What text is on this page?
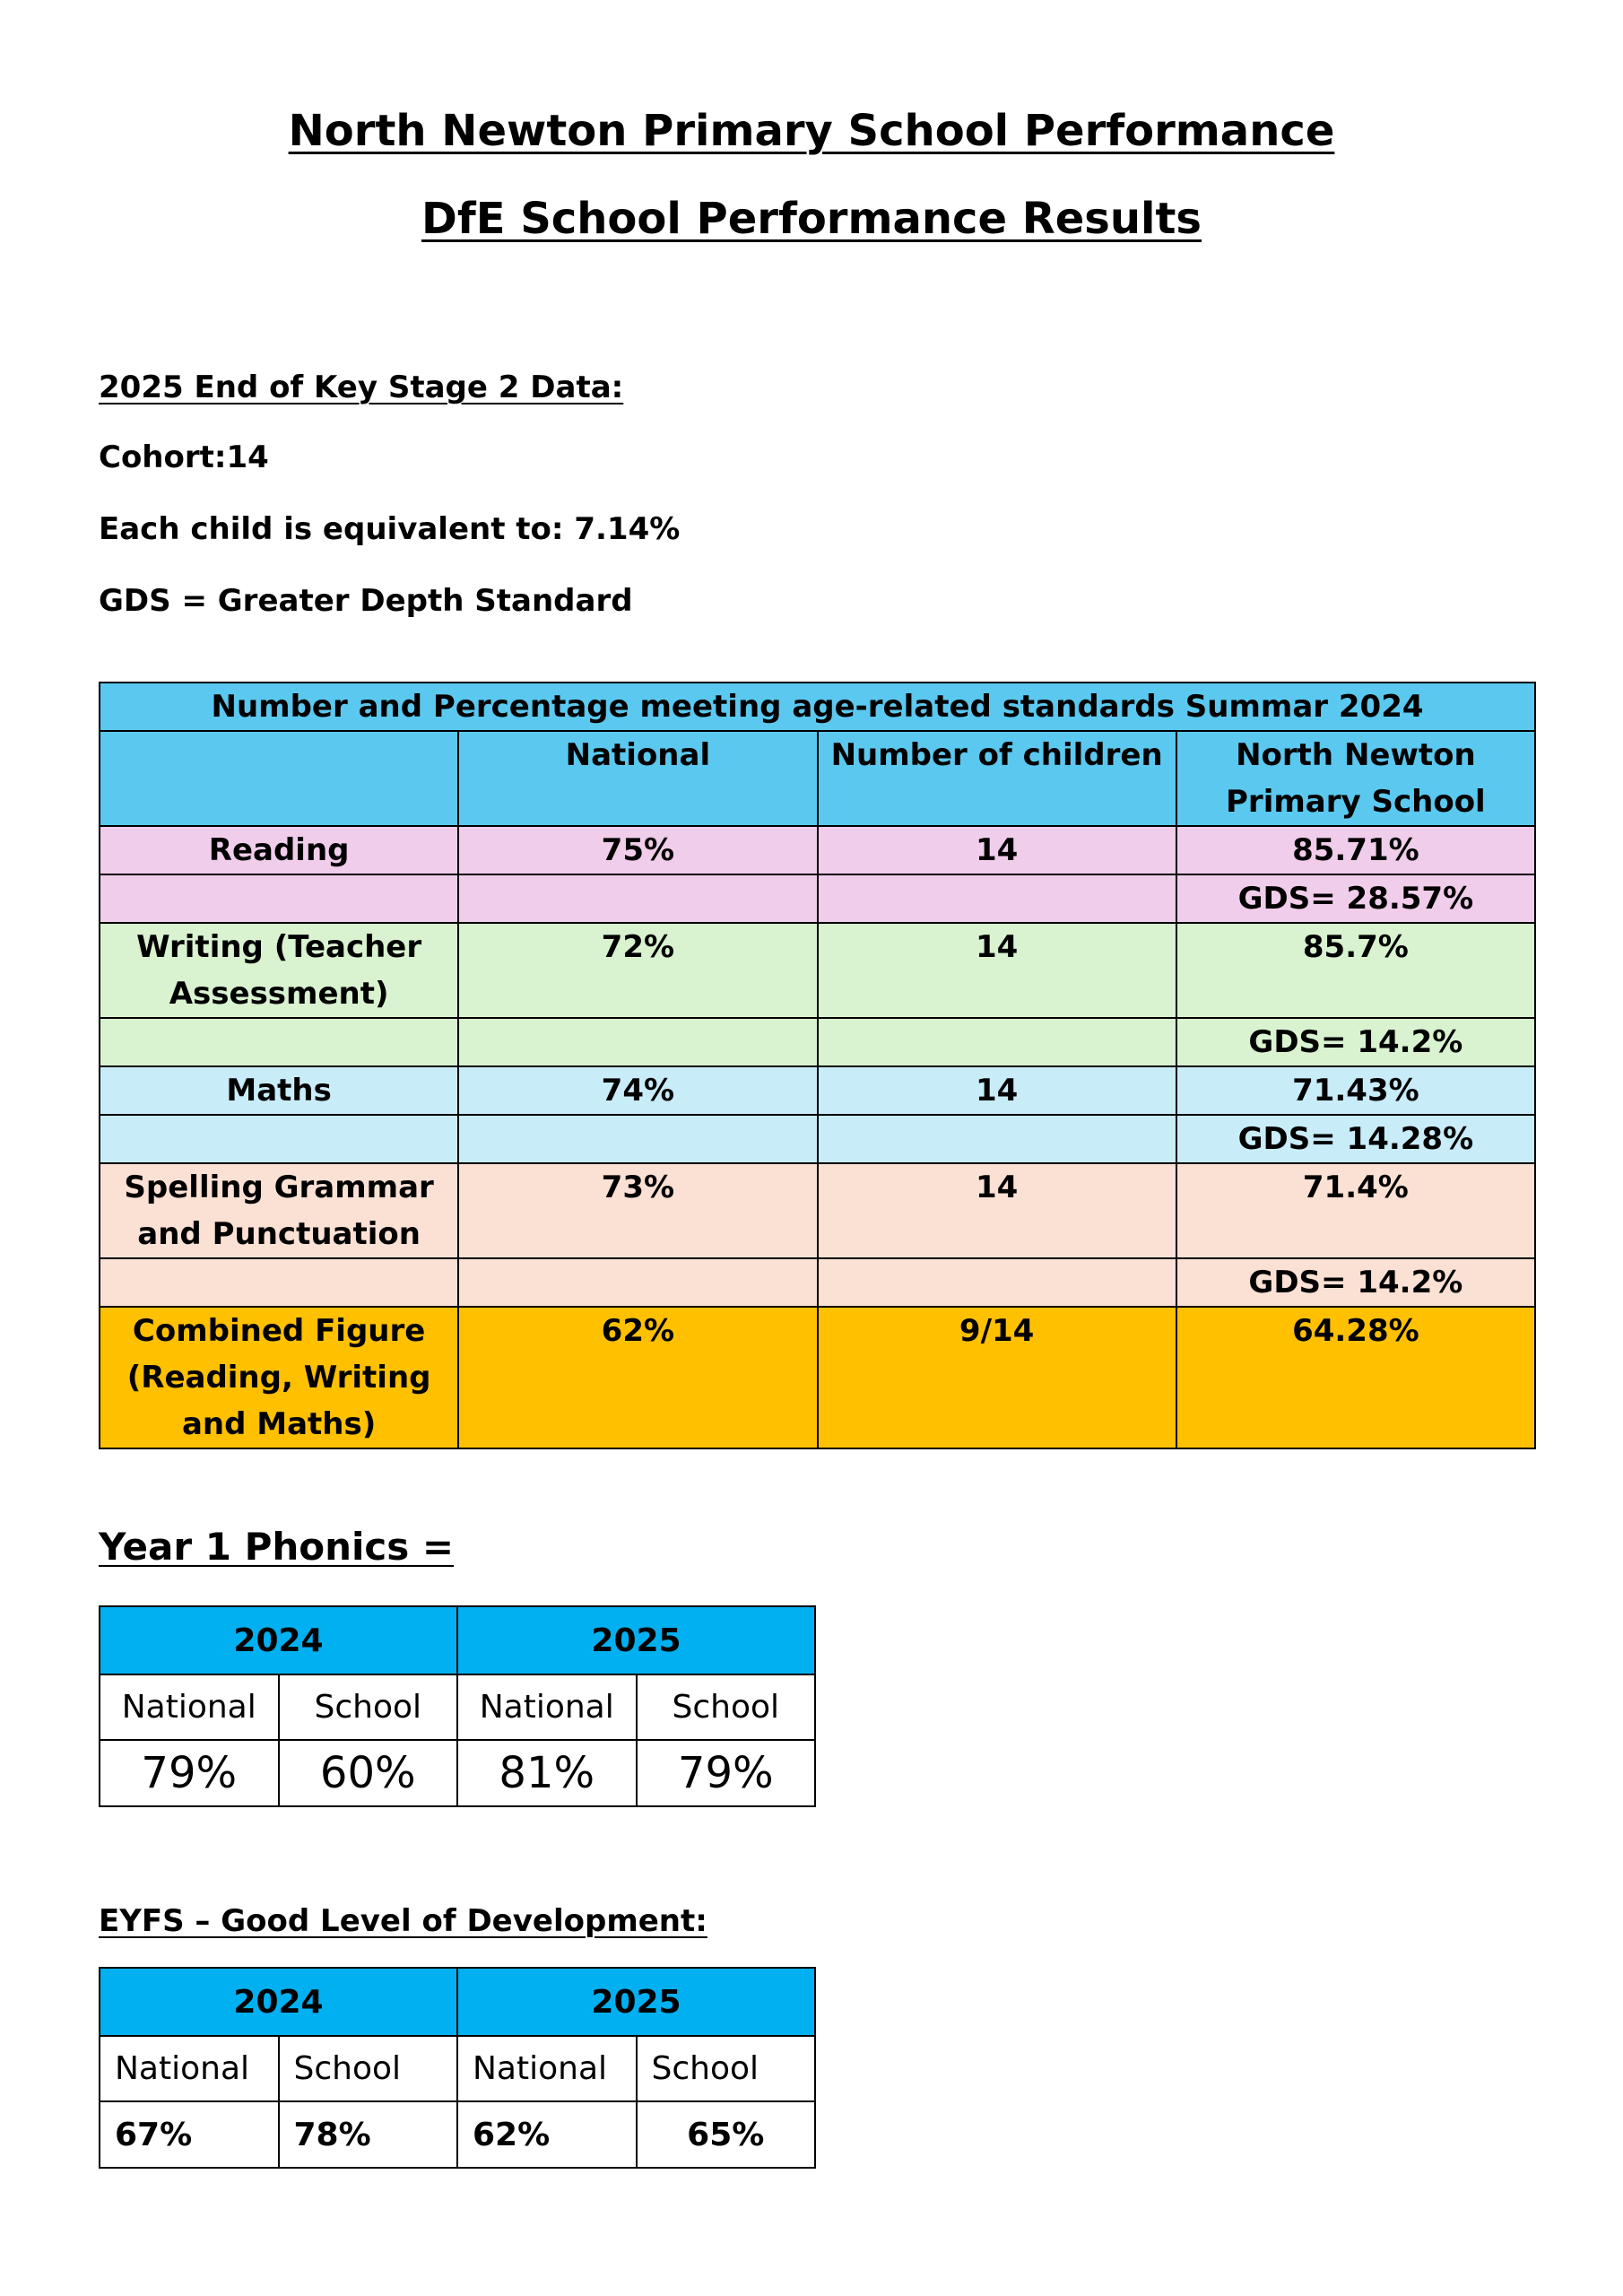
North Newton Primary School Performance
DfE School Performance Results

2025 End of Key Stage 2 Data:

Cohort:14

Each child is equivalent to: 7.14%

GDS = Greater Depth Standard

Number and Percentage meeting age-related standards Summar 2024			
	National	Number of children	North Newton Primary School
Reading	75%	14	85.71%
			GDS= 28.57%
Writing (Teacher Assessment)	72%	14	85.7%
			GDS= 14.2%
Maths	74%	14	71.43%
			GDS= 14.28%
Spelling Grammar and Punctuation	73%	14	71.4%
			GDS= 14.2%
Combined Figure (Reading, Writing and Maths)	62%	9/14	64.28%

Year 1 Phonics =

2024		2025	
National	School	National	School
79%	60%	81%	79%

EYFS – Good Level of Development:

2024		2025	
National	School	National	School
67%	78%	62%	65%
